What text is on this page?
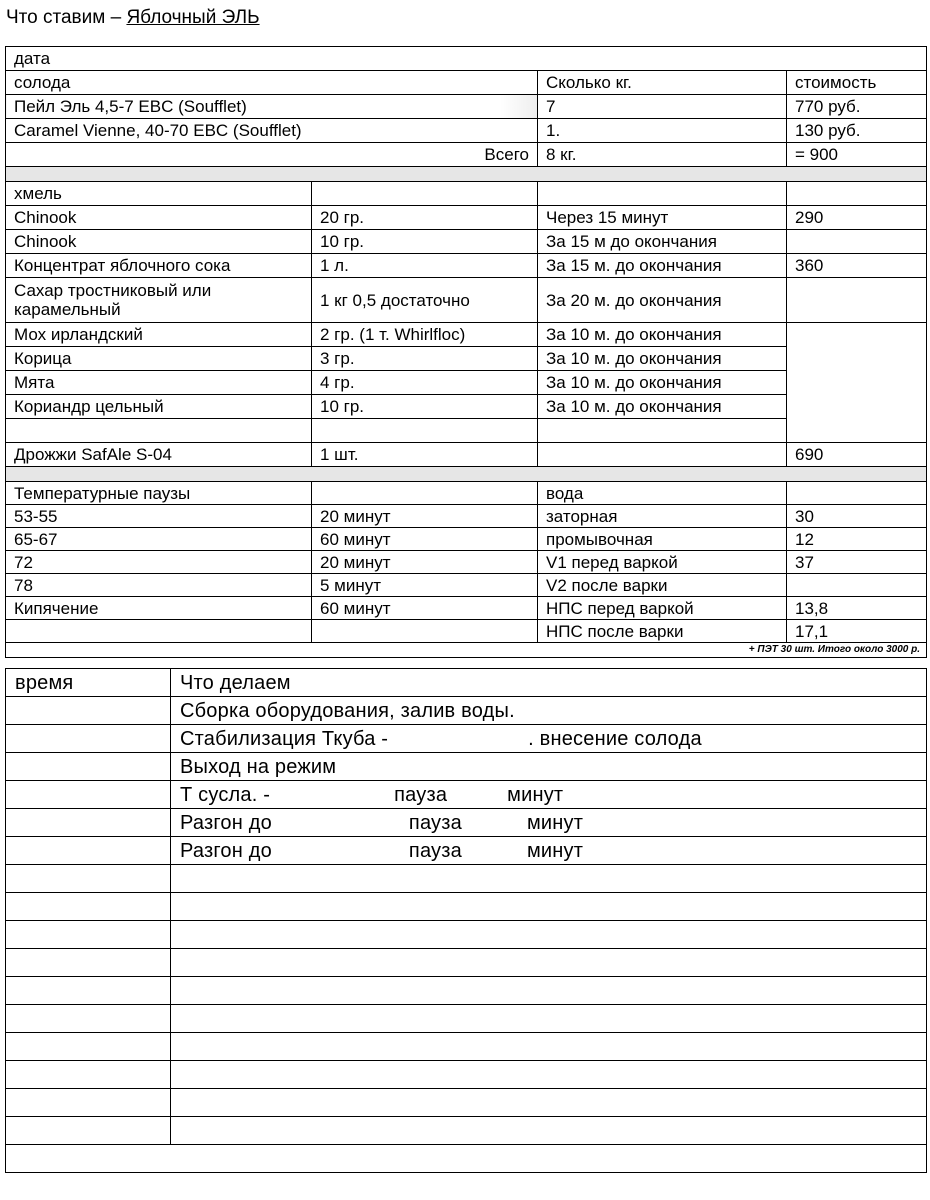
Что ставим – Яблочный ЭЛЬ
дата			
солода		Сколько кг.	стоимость
Пейл Эль 4,5-7 EBC (Soufflet)		7	770 руб.
Caramel Vienne, 40-70 EBC (Soufflet)		1.	130 руб.
Всего		8 кг.	= 900

хмель			
Chinook	20 гр.	Через 15 минут	290
Chinook	10 гр.	За 15 м до окончания	
Концентрат яблочного сока	1 л.	За 15 м. до окончания	360
Сахар тростниковый или карамельный	1 кг 0,5 достаточно	За 20 м. до окончания	
Мох ирландский	2 гр. (1 т. Whirlfloc)	За 10 м. до окончания	
Корица	3 гр.	За 10 м. до окончания	
Мята	4 гр.	За 10 м. до окончания	
Кориандр цельный	10 гр.	За 10 м. до окончания	

Дрожжи SafAle S-04	1 шт.		690

Температурные паузы		вода	
53-55	20 минут	заторная	30
65-67	60 минут	промывочная	12
72	20 минут	V1 перед варкой	37
78	5 минут	V2 после варки	
Кипячение	60 минут	НПС перед варкой	13,8
		НПС после варки	17,1
+ ПЭТ 30 шт. Итого около 3000 р.			
время	Что делаем
	Сборка оборудования, залив воды.
	Стабилизация Ткуба - . внесение солода
	Выход на режим
	Т сусла. - пауза минут
	Разгон до пауза минут
	Разгон до пауза минут
